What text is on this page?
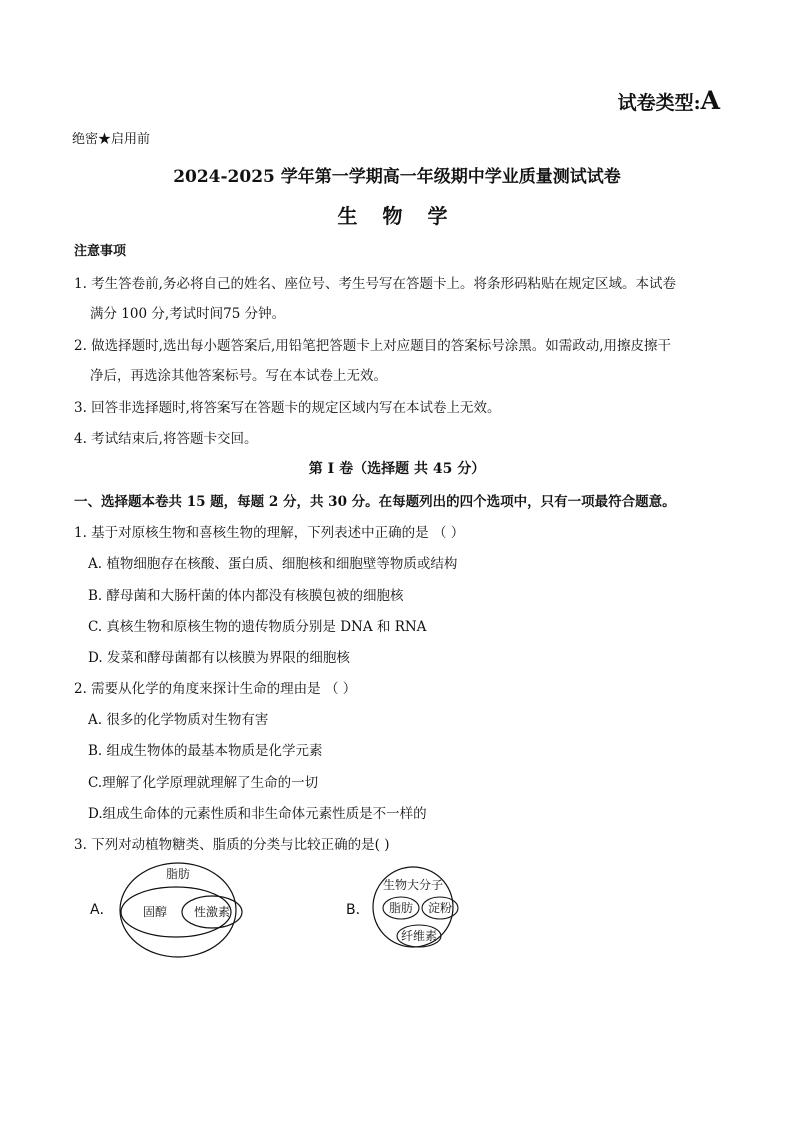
试卷类型:A
绝密★启用前
2024-2025 学年第一学期高一年级期中学业质量测试试卷
生 物 学
注意事项
1. 考生答卷前,务必将自己的姓名、座位号、考生号写在答题卡上。将条形码粘贴在规定区域。本试卷
满分 100 分,考试时间75 分钟。
2. 做选择题时,选出每小题答案后,用铅笔把答题卡上对应题目的答案标号涂黑。如需政动,用擦皮擦干
净后，再选涂其他答案标号。写在本试卷上无效。
3. 回答非选择题时,将答案写在答题卡的规定区域内写在本试卷上无效。
4. 考试结束后,将答题卡交回。
第 I 卷（选择题 共 45 分）
一、选择题本卷共 15 题，每题 2 分，共 30 分。在每题列出的四个选项中，只有一项最符合题意。
1. 基于对原核生物和喜核生物的理解，下列表述中正确的是 （ ）
A. 植物细胞存在核酸、蛋白质、细胞核和细胞壁等物质或结构
B. 酵母菌和大肠杆菌的体内都没有核膜包被的细胞核
C. 真核生物和原核生物的遗传物质分别是 DNA 和 RNA
D. 发菜和酵母菌都有以核膜为界限的细胞核
2. 需要从化学的角度来探计生命的理由是 （ ）
A. 很多的化学物质对生物有害
B. 组成生物体的最基本物质是化学元素
C.理解了化学原理就理解了生命的一切
D.组成生命体的元素性质和非生命体元素性质是不一样的
3. 下列对动植物糖类、脂质的分类与比较正确的是( )
A．
脂肪
固醇 性激素	B．
生物大分子
脂肪 淀粉
纤维素
